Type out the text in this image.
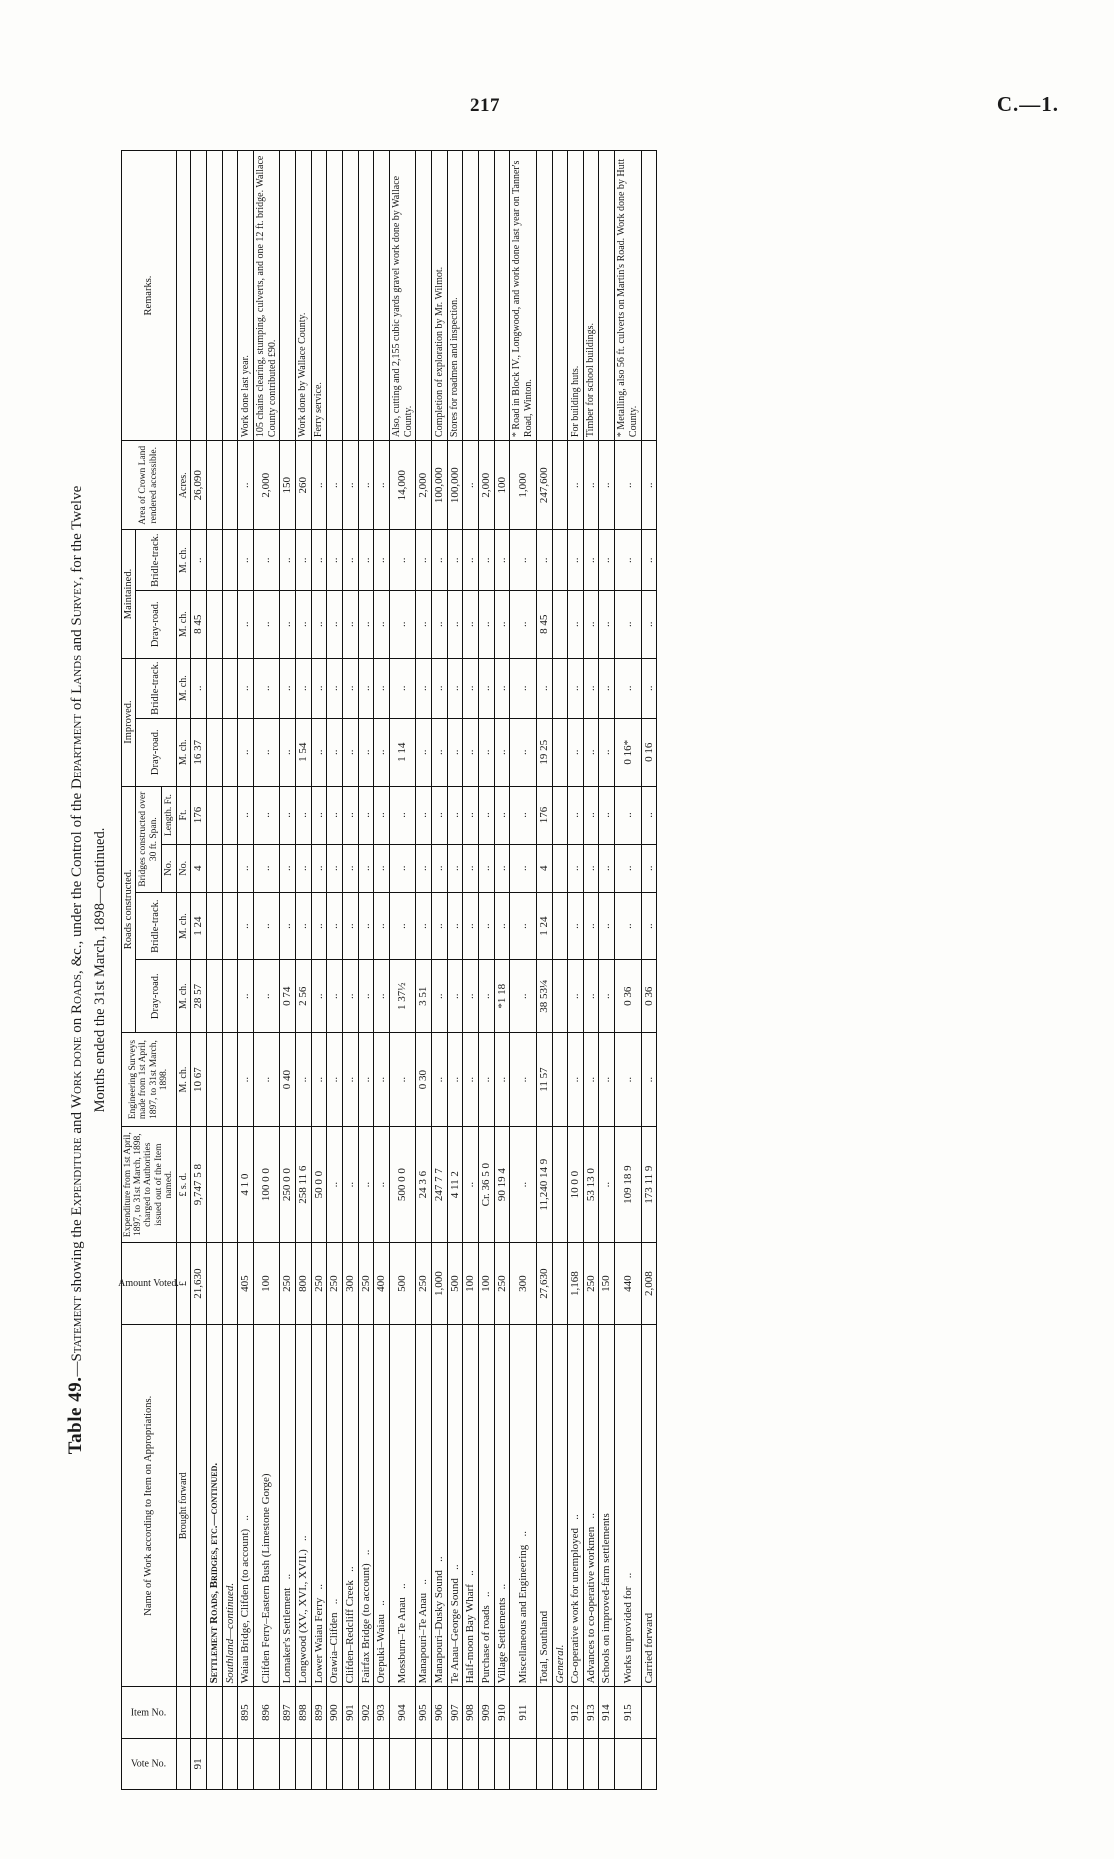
217	C.—1.
Table 49.—Statement showing the Expenditure and Work done on Roads, &c., under the Control of the Department of Lands and Survey, for the Twelve
Months ended the 31st March, 1898—continued.
Vote No.	Item No.	Name of Work according to Item on Appropriations.	Amount Voted.	Expenditure from 1st April, 1897, to 31st March, 1898, charged to Authorities issued out of the Item named.	Engineering Surveys made from 1st April, 1897, to 31st March, 1898.	Roads constructed.				Improved.		Maintained.		Area of Crown Land rendered accessible.	Remarks.
						Dray-road.	Bridle-track.	Bridges constructed over 30 ft. Span.		Dray-road.	Bridle-track.	Dray-road.	Bridle-track.		
								No.	Length. Ft.						
		Brought forward	£	£ s. d.	M. ch.	M. ch.	M. ch.	No.	Ft.	M. ch.	M. ch.	M. ch.	M. ch.	Acres.	
91			21,630	9,747 5 8	10 67	28 57	1 24	4	176	16 37	..	8 45	..	26,090	
		Settlement Roads, Bridges, etc.—continued.													
		Southland—continued.													
	895	Waiau Bridge, Clifden (to account)   ..	405	4 1 0	..	..	..	..	..	..	..	..	..	..	Work done last year.
	896	Clifden Ferry–Eastern Bush (Limestone Gorge)	100	100 0 0	..	..	..	..	..	..	..	..	..	2,000	105 chains clearing, stumping, culverts, and one 12 ft. bridge. Wallace County contributed £90.
	897	Lomaker's Settlement   ..	250	250 0 0	0 40	0 74	..	..	..	..	..	..	..	150	
	898	Longwood (XV., XVI., XVII.)   ..	800	258 11 6	..	2 56	..	..	..	1 54	..	..	..	260	Work done by Wallace County.
	899	Lower Waiau Ferry   ..	250	50 0 0	..	..	..	..	..	..	..	..	..	..	Ferry service.
	900	Orawia–Clifden   ..	250	..	..	..	..	..	..	..	..	..	..	..	
	901	Clifden–Redcliff Creek   ..	300	..	..	..	..	..	..	..	..	..	..	..	
	902	Fairfax Bridge (to account)   ..	250	..	..	..	..	..	..	..	..	..	..	..	
	903	Orepuki–Waiau   ..	400	..	..	..	..	..	..	..	..	..	..	..	
	904	Mossburn–Te Anau   ..	500	500 0 0	..	1 37½	..	..	..	1 14	..	..	..	14,000	Also, cutting and 2,155 cubic yards gravel work done by Wallace County.
	905	Manapouri–Te Anau   ..	250	24 3 6	0 30	3 51	..	..	..	..	..	..	..	2,000	
	906	Manapouri–Dusky Sound   ..	1,000	247 7 7	..	..	..	..	..	..	..	..	..	100,000	Completion of exploration by Mr. Wilmot.
	907	Te Anau–George Sound   ..	500	4 11 2	..	..	..	..	..	..	..	..	..	100,000	Stores for roadmen and inspection.
	908	Half-moon Bay Wharf   ..	100	..	..	..	..	..	..	..	..	..	..	..	
	909	Purchase of roads   ..	100	Cr. 36 5 0	..	..	..	..	..	..	..	..	..	2,000	
	910	Village Settlements   ..	250	90 19 4	..	*1 18	..	..	..	..	..	..	..	100	
	911	Miscellaneous and Engineering   ..	300	..	..	..	..	..	..	..	..	..	..	1,000	* Road in Block IV., Longwood, and work done last year on Tanner's Road, Winton.
		Total, Southland	27,630	11,240 14 9	11 57	38 53¼	1 24	4	176	19 25	..	8 45	..	247,600	
		General.													
	912	Co-operative work for unemployed   ..	1,168	10 0 0	..	..	..	..	..	..	..	..	..	..	For building huts.
	913	Advances to co-operative workmen   ..	250	53 13 0	..	..	..	..	..	..	..	..	..	..	Timber for school buildings.
	914	Schools on improved-farm settlements	150	..	..	..	..	..	..	..	..	..	..	..	
	915	Works unprovided for   ..	440	109 18 9	..	0 36	..	..	..	0 16*	..	..	..	..	* Metalling, also 56 ft. culverts on Martin's Road. Work done by Hutt County.
		Carried forward	2,008	173 11 9	..	0 36	..	..	..	0 16	..	..	..	..	
